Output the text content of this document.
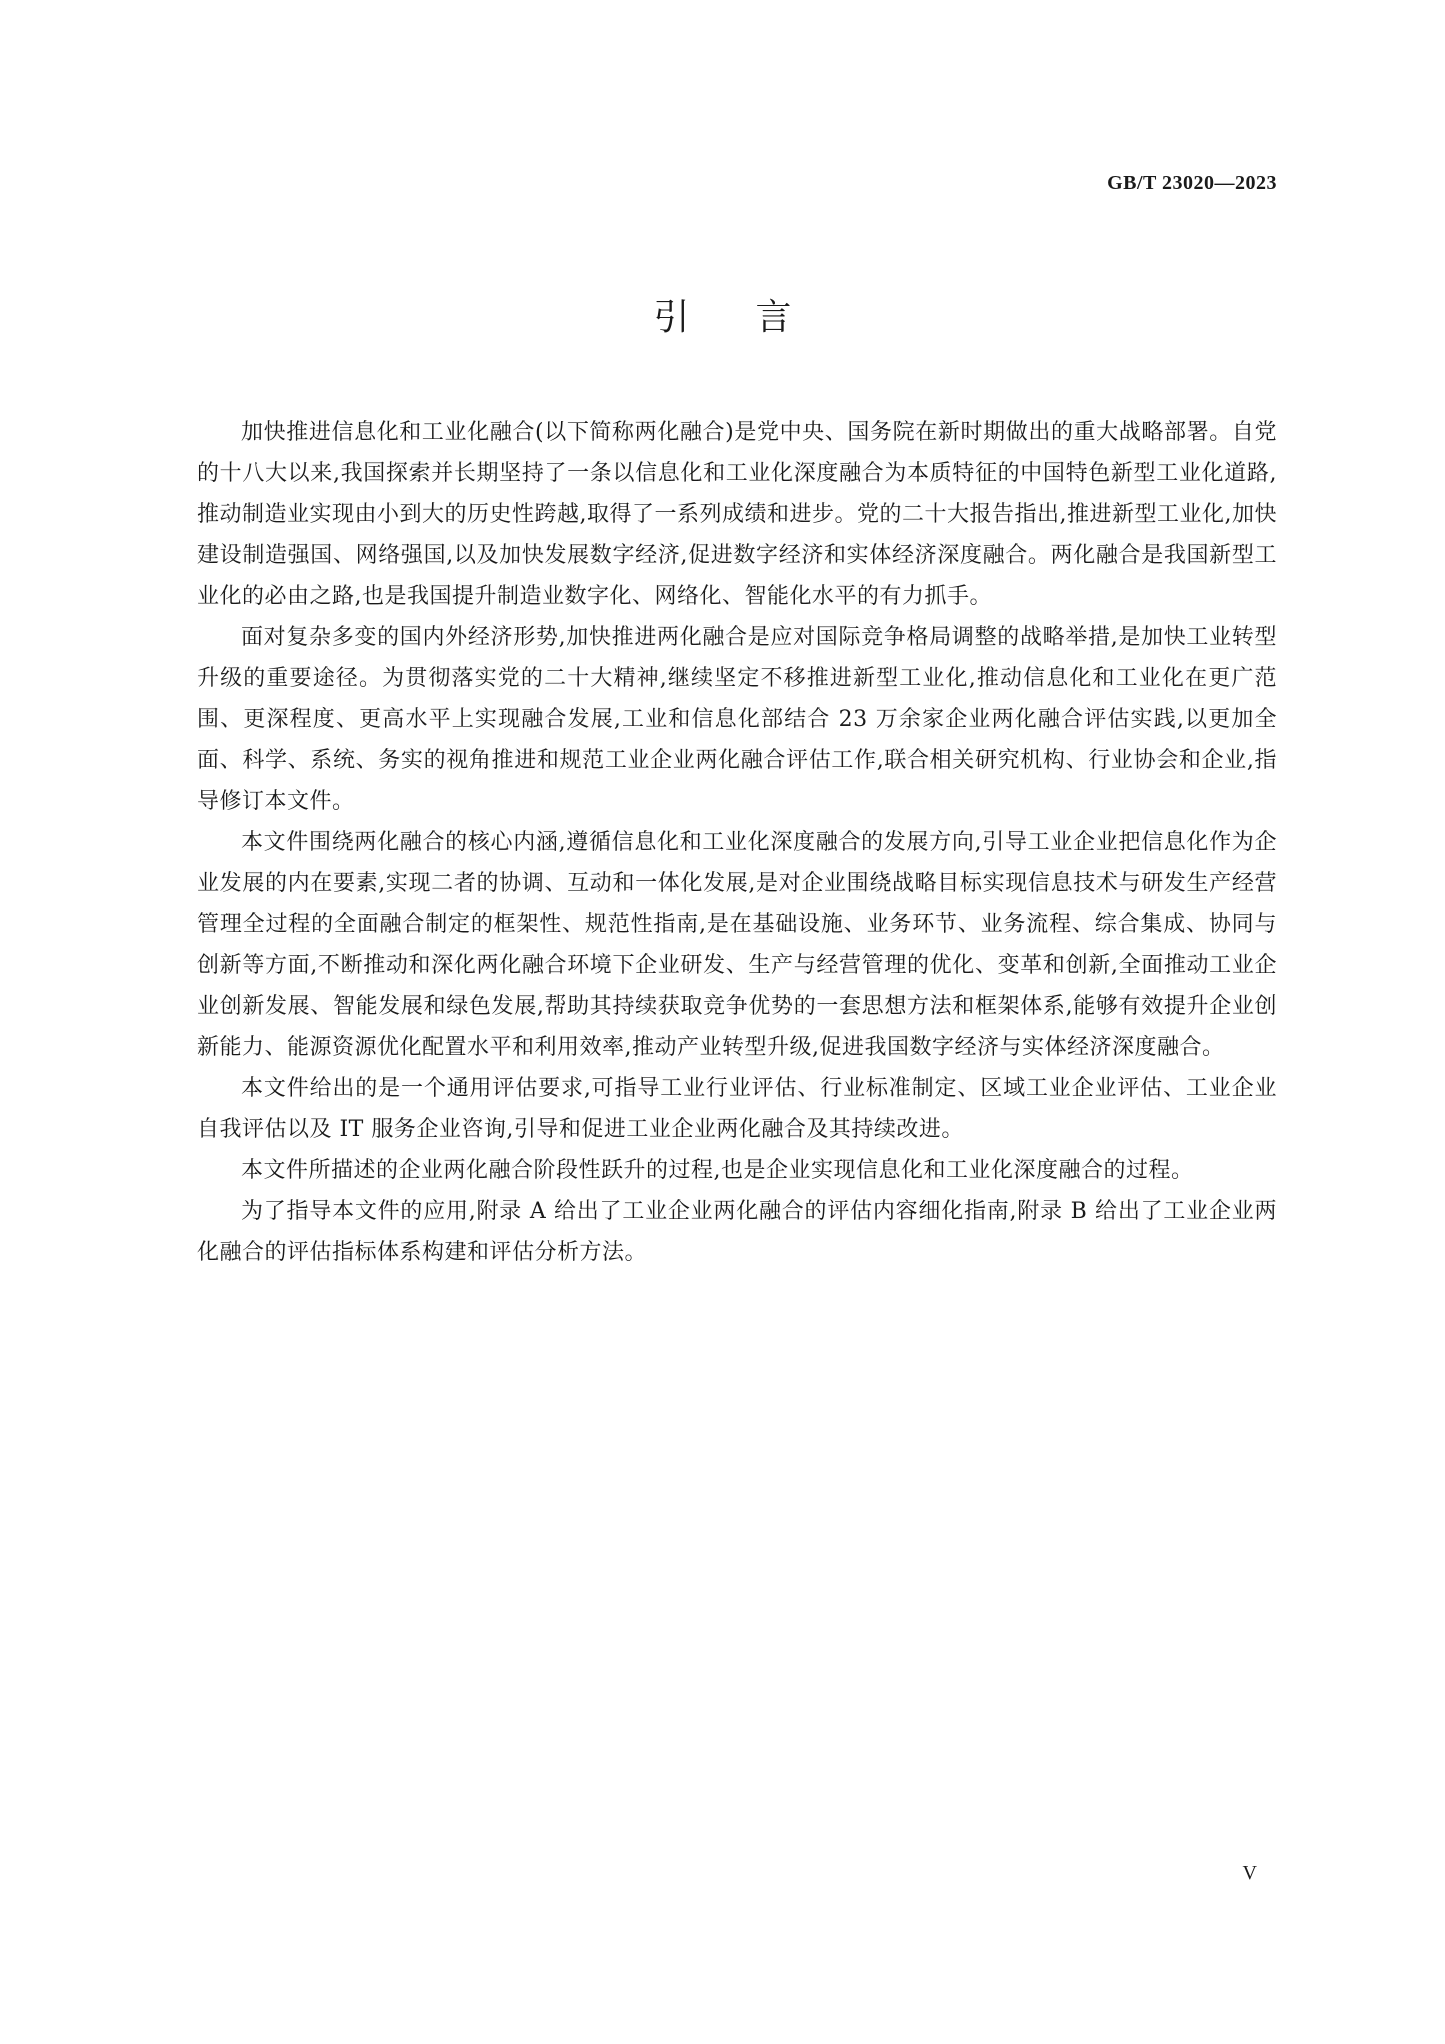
GB/T 23020—2023
引言

加快推进信息化和工业化融合(以下简称两化融合)是党中央、国务院在新时期做出的重大战略部署。自党的十八大以来,我国探索并长期坚持了一条以信息化和工业化深度融合为本质特征的中国特色新型工业化道路,推动制造业实现由小到大的历史性跨越,取得了一系列成绩和进步。党的二十大报告指出,推进新型工业化,加快建设制造强国、网络强国,以及加快发展数字经济,促进数字经济和实体经济深度融合。两化融合是我国新型工业化的必由之路,也是我国提升制造业数字化、网络化、智能化水平的有力抓手。

面对复杂多变的国内外经济形势,加快推进两化融合是应对国际竞争格局调整的战略举措,是加快工业转型升级的重要途径。为贯彻落实党的二十大精神,继续坚定不移推进新型工业化,推动信息化和工业化在更广范围、更深程度、更高水平上实现融合发展,工业和信息化部结合 23 万余家企业两化融合评估实践,以更加全面、科学、系统、务实的视角推进和规范工业企业两化融合评估工作,联合相关研究机构、行业协会和企业,指导修订本文件。

本文件围绕两化融合的核心内涵,遵循信息化和工业化深度融合的发展方向,引导工业企业把信息化作为企业发展的内在要素,实现二者的协调、互动和一体化发展,是对企业围绕战略目标实现信息技术与研发生产经营管理全过程的全面融合制定的框架性、规范性指南,是在基础设施、业务环节、业务流程、综合集成、协同与创新等方面,不断推动和深化两化融合环境下企业研发、生产与经营管理的优化、变革和创新,全面推动工业企业创新发展、智能发展和绿色发展,帮助其持续获取竞争优势的一套思想方法和框架体系,能够有效提升企业创新能力、能源资源优化配置水平和利用效率,推动产业转型升级,促进我国数字经济与实体经济深度融合。

本文件给出的是一个通用评估要求,可指导工业行业评估、行业标准制定、区域工业企业评估、工业企业自我评估以及 IT 服务企业咨询,引导和促进工业企业两化融合及其持续改进。

本文件所描述的企业两化融合阶段性跃升的过程,也是企业实现信息化和工业化深度融合的过程。

为了指导本文件的应用,附录 A 给出了工业企业两化融合的评估内容细化指南,附录 B 给出了工业企业两化融合的评估指标体系构建和评估分析方法。

V
